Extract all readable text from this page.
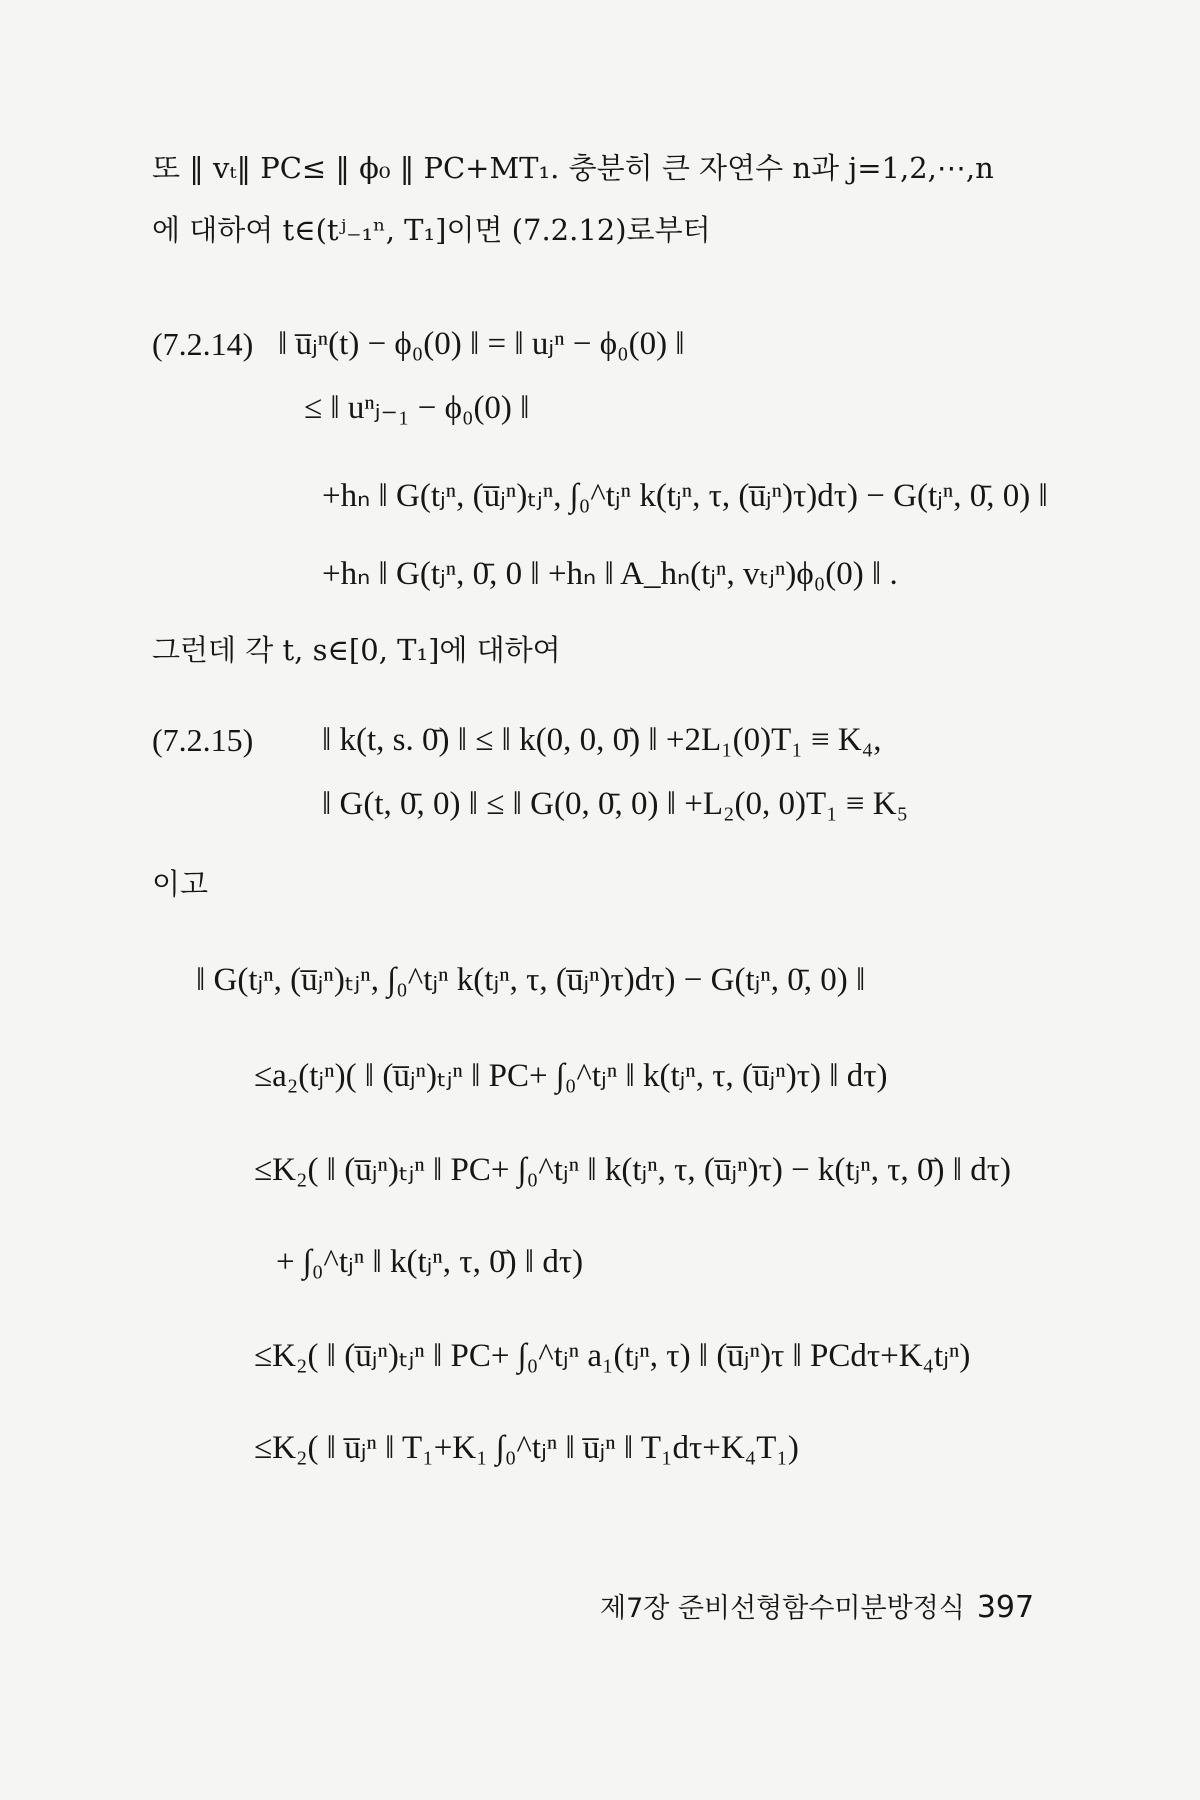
또 ‖ vₜ‖ PC≤ ‖ ϕ₀ ‖ PC+MT₁. 충분히 큰 자연수 n과 j=1,2,⋯,n
에 대하여 t∈(tʲ₋₁ⁿ, T₁]이면 (7.2.12)로부터
(7.2.14) ‖ u̅ⱼⁿ(t) − ϕ₀(0) ‖ = ‖ uⱼⁿ − ϕ₀(0) ‖
≤ ‖ uⁿⱼ₋₁ − ϕ₀(0) ‖
+hₙ ‖ G(tⱼⁿ, (u̅ⱼⁿ)ₜⱼⁿ, ∫₀^tⱼⁿ k(tⱼⁿ, τ, (u̅ⱼⁿ)τ)dτ) − G(tⱼⁿ, 0̄, 0) ‖
+hₙ ‖ G(tⱼⁿ, 0̄, 0 ‖ +hₙ ‖ A_hₙ(tⱼⁿ, vₜⱼⁿ)ϕ₀(0) ‖ .
그런데 각 t, s∈[0, T₁]에 대하여
(7.2.15) ‖ k(t, s. 0̄) ‖ ≤ ‖ k(0, 0, 0̄) ‖ +2L₁(0)T₁ ≡ K₄,
‖ G(t, 0̄, 0) ‖ ≤ ‖ G(0, 0̄, 0) ‖ +L₂(0, 0)T₁ ≡ K₅
이고
‖ G(tⱼⁿ, (u̅ⱼⁿ)ₜⱼⁿ, ∫₀^tⱼⁿ k(tⱼⁿ, τ, (u̅ⱼⁿ)τ)dτ) − G(tⱼⁿ, 0̄, 0) ‖
≤a₂(tⱼⁿ)( ‖ (u̅ⱼⁿ)ₜⱼⁿ ‖ PC+ ∫₀^tⱼⁿ ‖ k(tⱼⁿ, τ, (u̅ⱼⁿ)τ) ‖ dτ)
≤K₂( ‖ (u̅ⱼⁿ)ₜⱼⁿ ‖ PC+ ∫₀^tⱼⁿ ‖ k(tⱼⁿ, τ, (u̅ⱼⁿ)τ) − k(tⱼⁿ, τ, 0̄) ‖ dτ)
+ ∫₀^tⱼⁿ ‖ k(tⱼⁿ, τ, 0̄) ‖ dτ)
≤K₂( ‖ (u̅ⱼⁿ)ₜⱼⁿ ‖ PC+ ∫₀^tⱼⁿ a₁(tⱼⁿ, τ) ‖ (u̅ⱼⁿ)τ ‖ PCdτ+K₄tⱼⁿ)
≤K₂( ‖ u̅ⱼⁿ ‖ T₁+K₁ ∫₀^tⱼⁿ ‖ u̅ⱼⁿ ‖ T₁dτ+K₄T₁)
제7장 준비선형함수미분방정식 397
